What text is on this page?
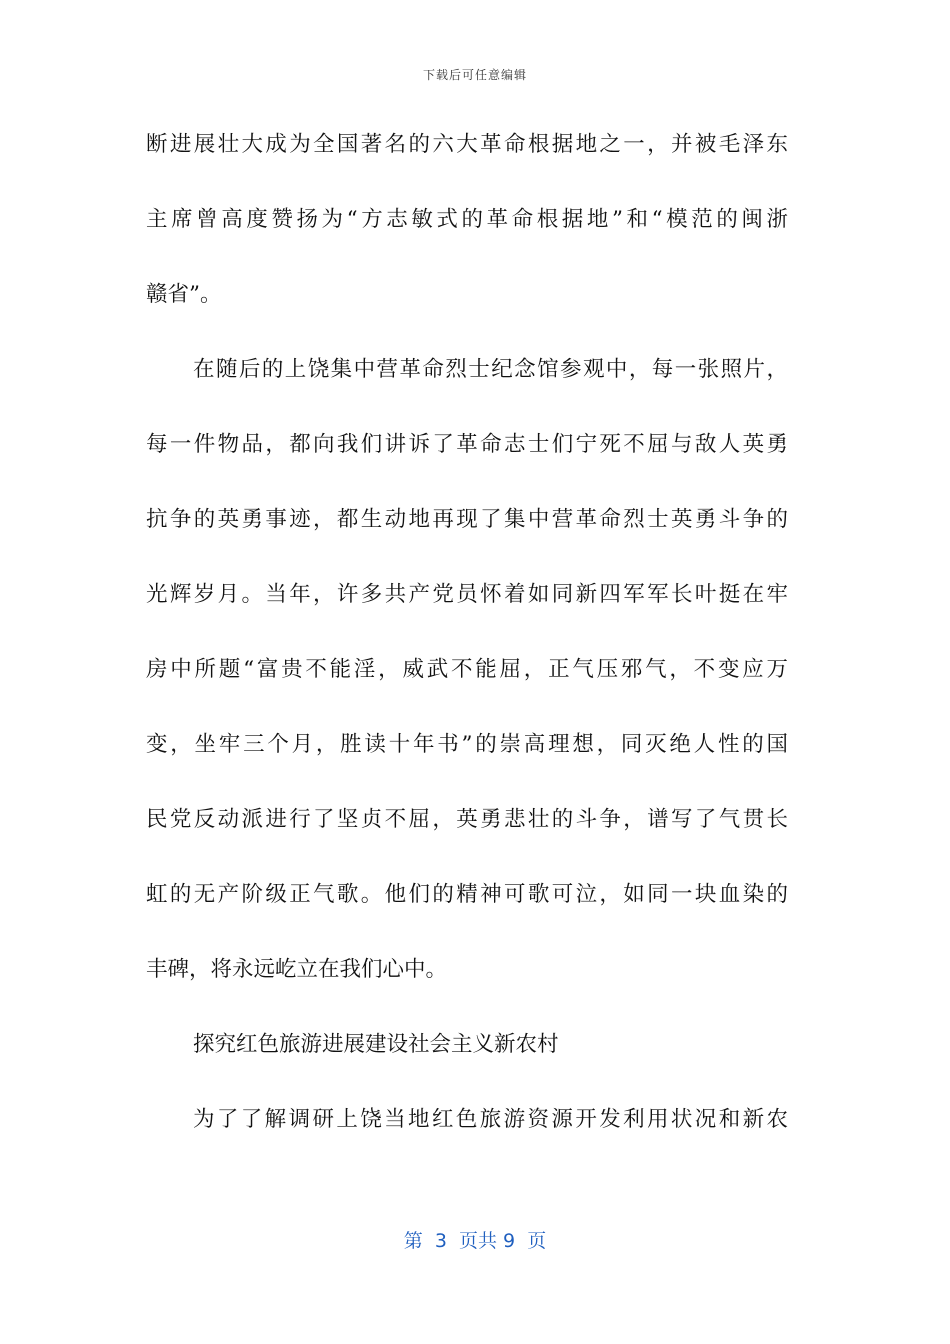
下载后可任意编辑
断进展壮大成为全国著名的六大革命根据地之一，并被毛泽东
主席曾高度赞扬为“方志敏式的革命根据地”和“模范的闽浙
赣省”。
在随后的上饶集中营革命烈士纪念馆参观中，每一张照片，
每一件物品，都向我们讲诉了革命志士们宁死不屈与敌人英勇
抗争的英勇事迹，都生动地再现了集中营革命烈士英勇斗争的
光辉岁月。当年，许多共产党员怀着如同新四军军长叶挺在牢
房中所题“富贵不能淫，威武不能屈，正气压邪气，不变应万
变，坐牢三个月，胜读十年书”的崇高理想，同灭绝人性的国
民党反动派进行了坚贞不屈，英勇悲壮的斗争，谱写了气贯长
虹的无产阶级正气歌。他们的精神可歌可泣，如同一块血染的
丰碑，将永远屹立在我们心中。
探究红色旅游进展建设社会主义新农村
为了了解调研上饶当地红色旅游资源开发利用状况和新农
第  3  页共 9  页
